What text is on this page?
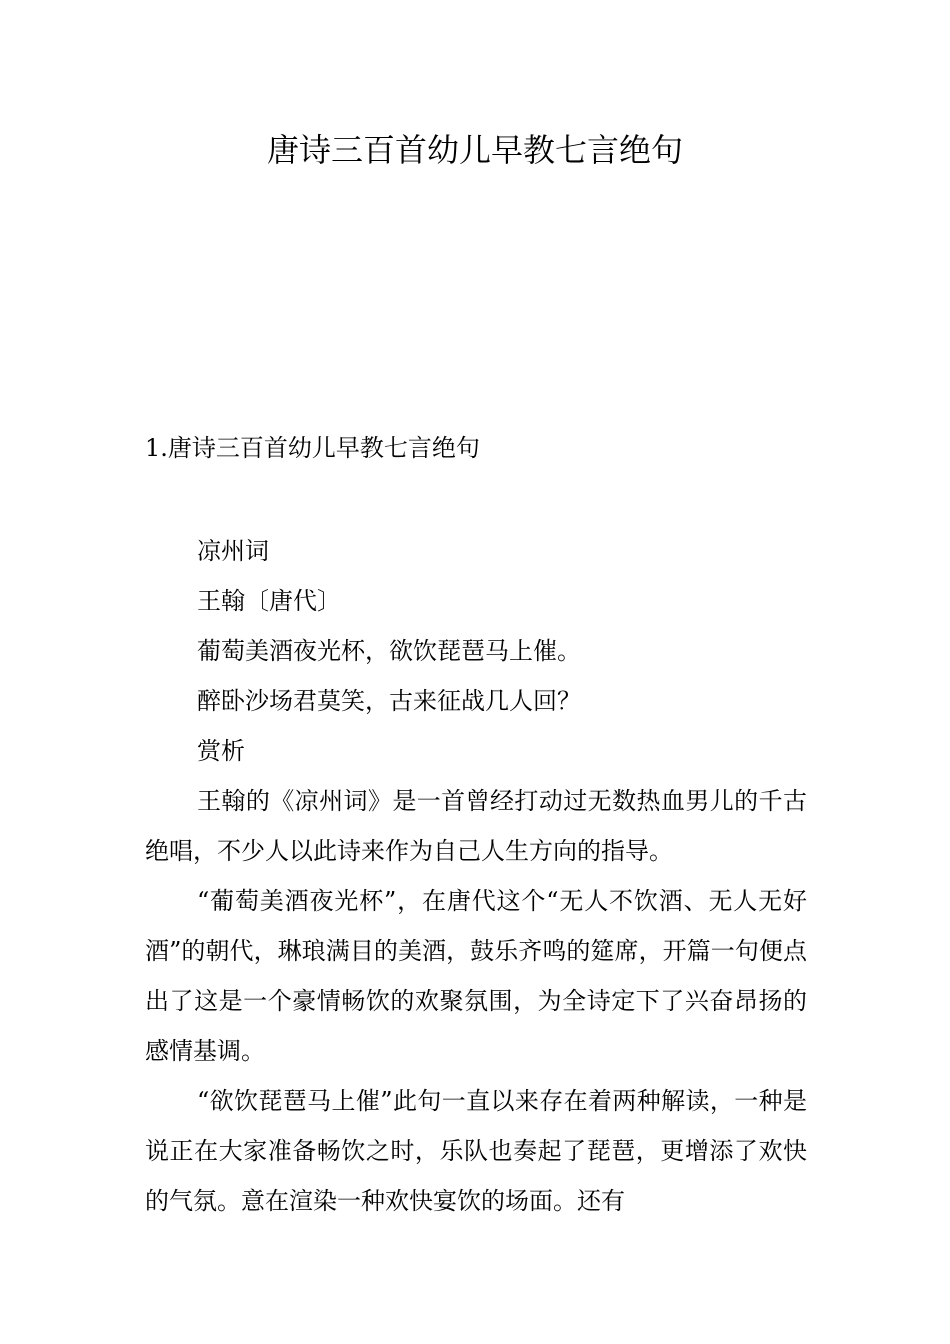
唐诗三百首幼儿早教七言绝句
1.唐诗三百首幼儿早教七言绝句

凉州词

王翰〔唐代〕

葡萄美酒夜光杯，欲饮琵琶马上催。

醉卧沙场君莫笑，古来征战几人回？

赏析

王翰的《凉州词》是一首曾经打动过无数热血男儿的千古绝唱，不少人以此诗来作为自己人生方向的指导。

“葡萄美酒夜光杯”，在唐代这个“无人不饮酒、无人无好酒”的朝代，琳琅满目的美酒，鼓乐齐鸣的筵席，开篇一句便点出了这是一个豪情畅饮的欢聚氛围，为全诗定下了兴奋昂扬的感情基调。

“欲饮琵琶马上催”此句一直以来存在着两种解读，一种是说正在大家准备畅饮之时，乐队也奏起了琵琶，更增添了欢快的气氛。意在渲染一种欢快宴饮的场面。还有
